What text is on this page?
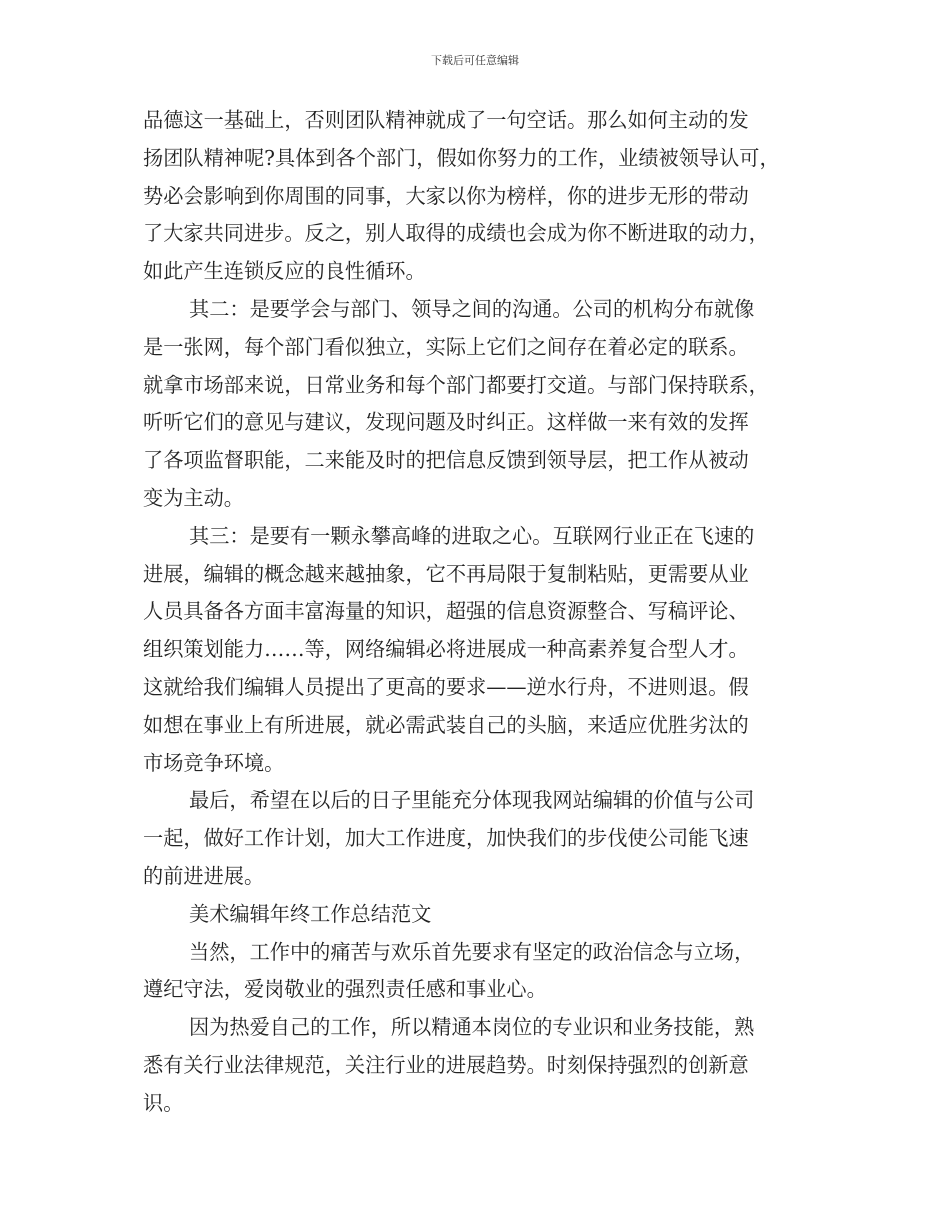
下载后可任意编辑
品德这一基础上，否则团队精神就成了一句空话。那么如何主动的发
扬团队精神呢?具体到各个部门，假如你努力的工作，业绩被领导认可，
势必会影响到你周围的同事，大家以你为榜样，你的进步无形的带动
了大家共同进步。反之，别人取得的成绩也会成为你不断进取的动力，
如此产生连锁反应的良性循环。
其二：是要学会与部门、领导之间的沟通。公司的机构分布就像
是一张网，每个部门看似独立，实际上它们之间存在着必定的联系。
就拿市场部来说，日常业务和每个部门都要打交道。与部门保持联系，
听听它们的意见与建议，发现问题及时纠正。这样做一来有效的发挥
了各项监督职能，二来能及时的把信息反馈到领导层，把工作从被动
变为主动。
其三：是要有一颗永攀高峰的进取之心。互联网行业正在飞速的
进展，编辑的概念越来越抽象，它不再局限于复制粘贴，更需要从业
人员具备各方面丰富海量的知识，超强的信息资源整合、写稿评论、
组织策划能力……等，网络编辑必将进展成一种高素养复合型人才。
这就给我们编辑人员提出了更高的要求——逆水行舟，不进则退。假
如想在事业上有所进展，就必需武装自己的头脑，来适应优胜劣汰的
市场竞争环境。
最后，希望在以后的日子里能充分体现我网站编辑的价值与公司
一起，做好工作计划，加大工作进度，加快我们的步伐使公司能飞速
的前进进展。
美术编辑年终工作总结范文
当然，工作中的痛苦与欢乐首先要求有坚定的政治信念与立场，
遵纪守法，爱岗敬业的强烈责任感和事业心。
因为热爱自己的工作，所以精通本岗位的专业识和业务技能，熟
悉有关行业法律规范，关注行业的进展趋势。时刻保持强烈的创新意
识。
